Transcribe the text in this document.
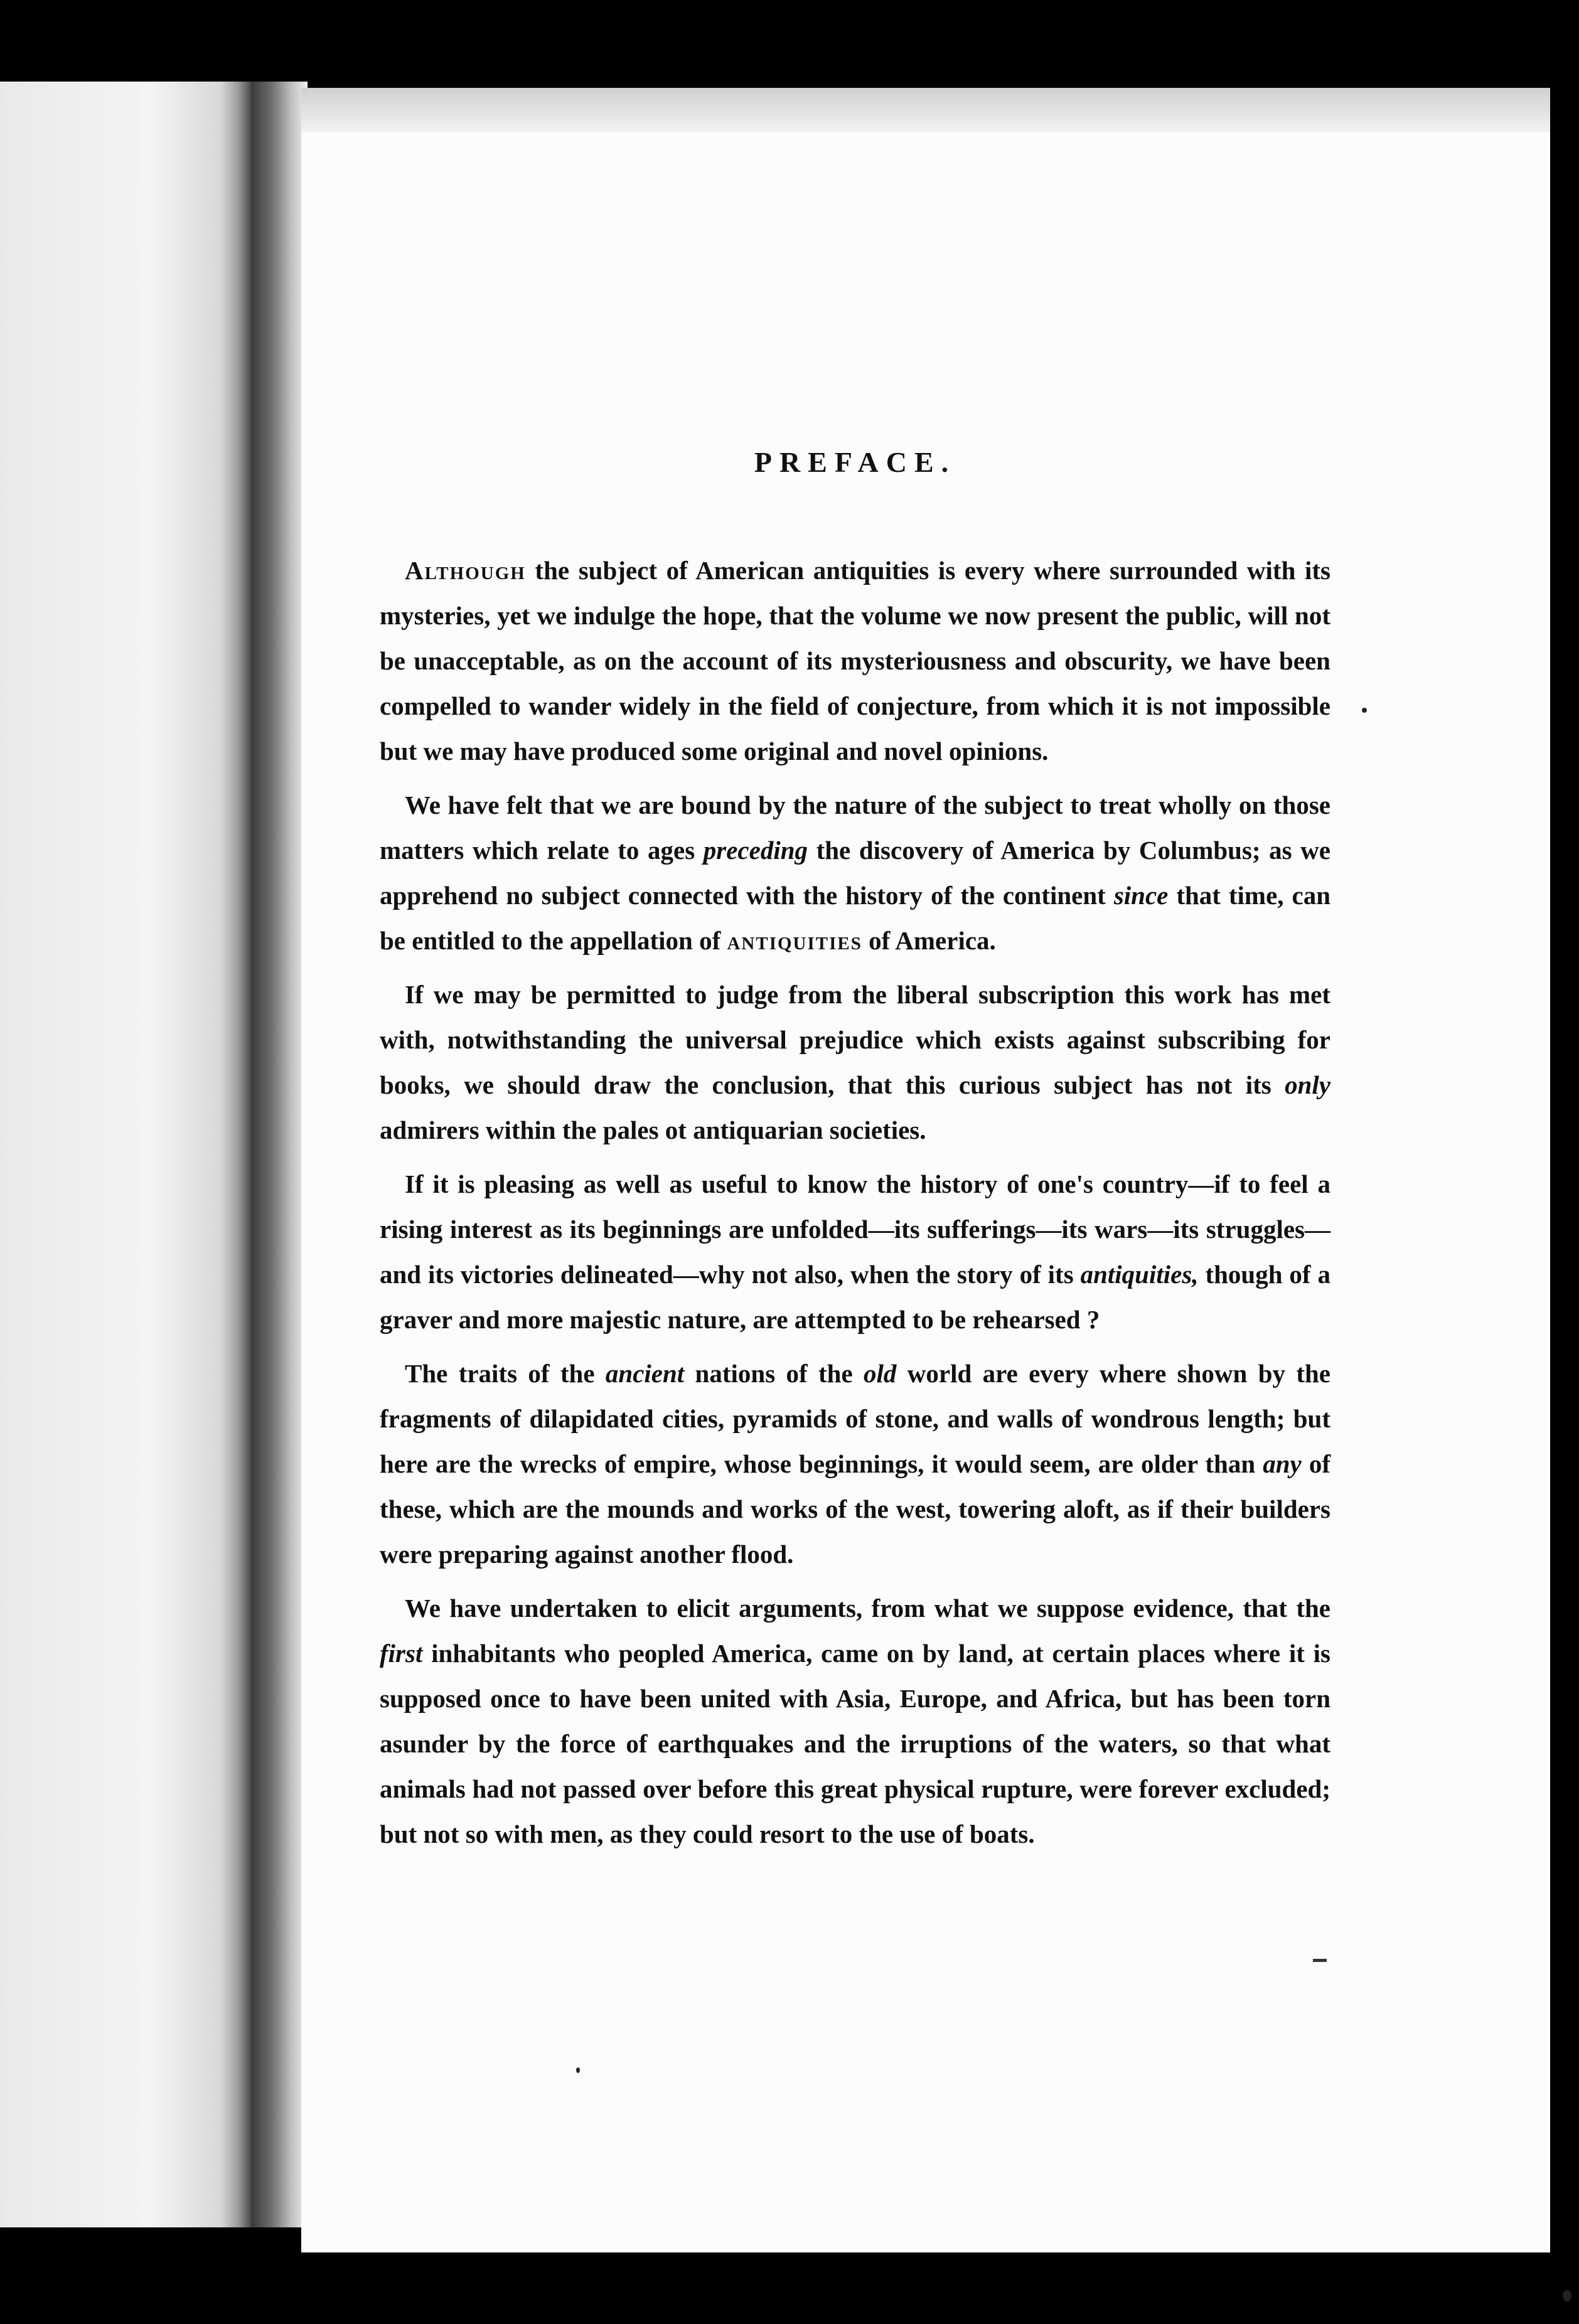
PREFACE.

Although the subject of American antiquities is every where surrounded with its mysteries, yet we indulge the hope, that the volume we now present the public, will not be unacceptable, as on the account of its mysteriousness and obscurity, we have been compelled to wander widely in the field of conjecture, from which it is not impossible but we may have produced some original and novel opinions.

We have felt that we are bound by the nature of the subject to treat wholly on those matters which relate to ages preceding the discovery of America by Columbus; as we apprehend no subject connected with the history of the continent since that time, can be entitled to the appellation of antiquities of America.

If we may be permitted to judge from the liberal subscription this work has met with, notwithstanding the universal prejudice which exists against subscribing for books, we should draw the conclusion, that this curious subject has not its only admirers within the pales ot antiquarian societies.

If it is pleasing as well as useful to know the history of one's country—if to feel a rising interest as its beginnings are unfolded—its sufferings—its wars—its struggles—and its victories delineated—why not also, when the story of its antiquities, though of a graver and more majestic nature, are attempted to be rehearsed ?

The traits of the ancient nations of the old world are every where shown by the fragments of dilapidated cities, pyramids of stone, and walls of wondrous length; but here are the wrecks of empire, whose beginnings, it would seem, are older than any of these, which are the mounds and works of the west, towering aloft, as if their builders were preparing against another flood.

We have undertaken to elicit arguments, from what we suppose evidence, that the first inhabitants who peopled America, came on by land, at certain places where it is supposed once to have been united with Asia, Europe, and Africa, but has been torn asunder by the force of earthquakes and the irruptions of the waters, so that what animals had not passed over before this great physical rupture, were forever excluded; but not so with men, as they could resort to the use of boats.
